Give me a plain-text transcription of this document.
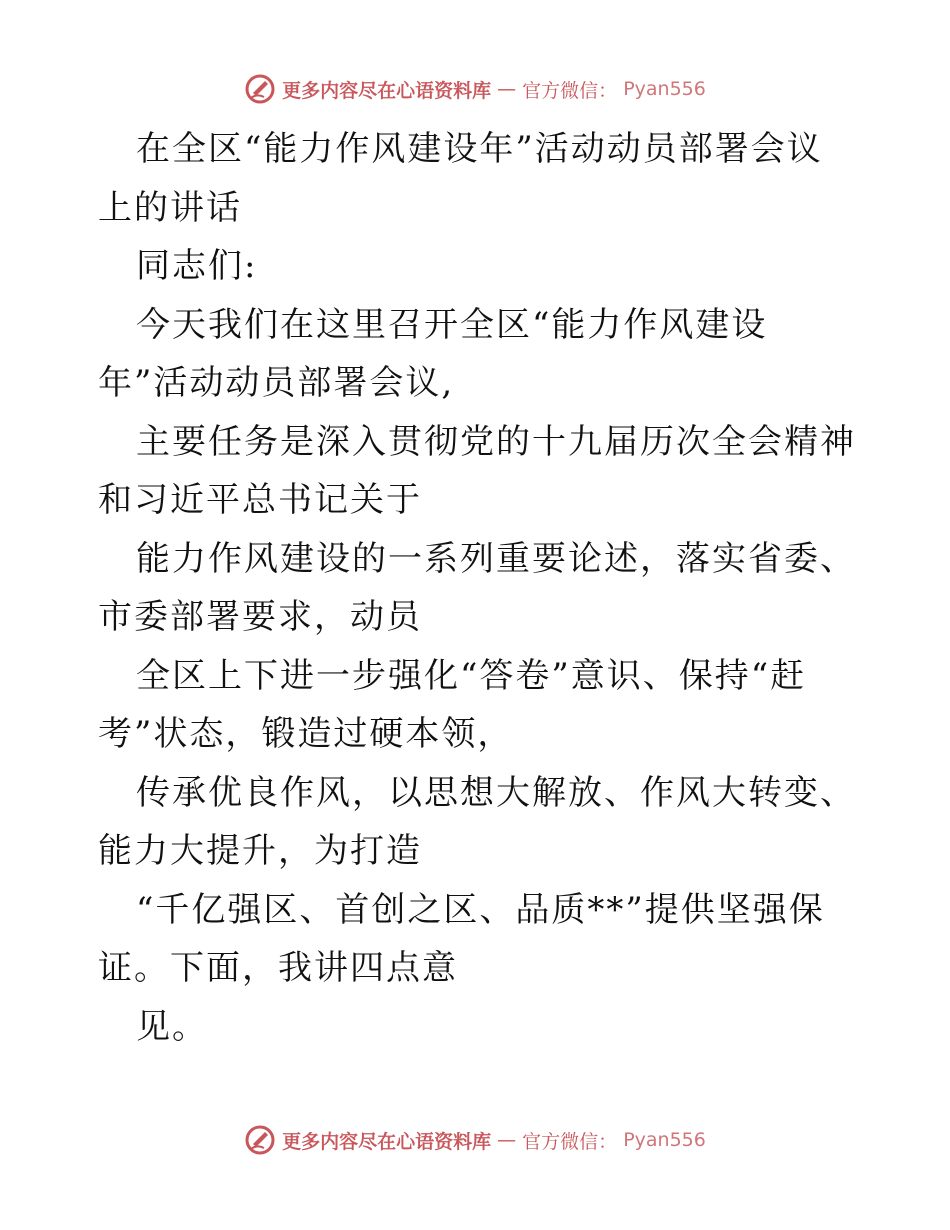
更多内容尽在心语资料库 — 官方微信： Pyan556

在全区“能力作风建设年”活动动员部署会议上的讲话

同志们:

今天我们在这里召开全区“能力作风建设年”活动动员部署会议,

主要任务是深入贯彻党的十九届历次全会精神和习近平总书记关于

能力作风建设的一系列重要论述，落实省委、市委部署要求，动员

全区上下进一步强化“答卷”意识、保持“赶考”状态，锻造过硬本领，

传承优良作风，以思想大解放、作风大转变、能力大提升，为打造

“千亿强区、首创之区、品质**”提供坚强保证。下面，我讲四点意

见。

更多内容尽在心语资料库 — 官方微信： Pyan556
